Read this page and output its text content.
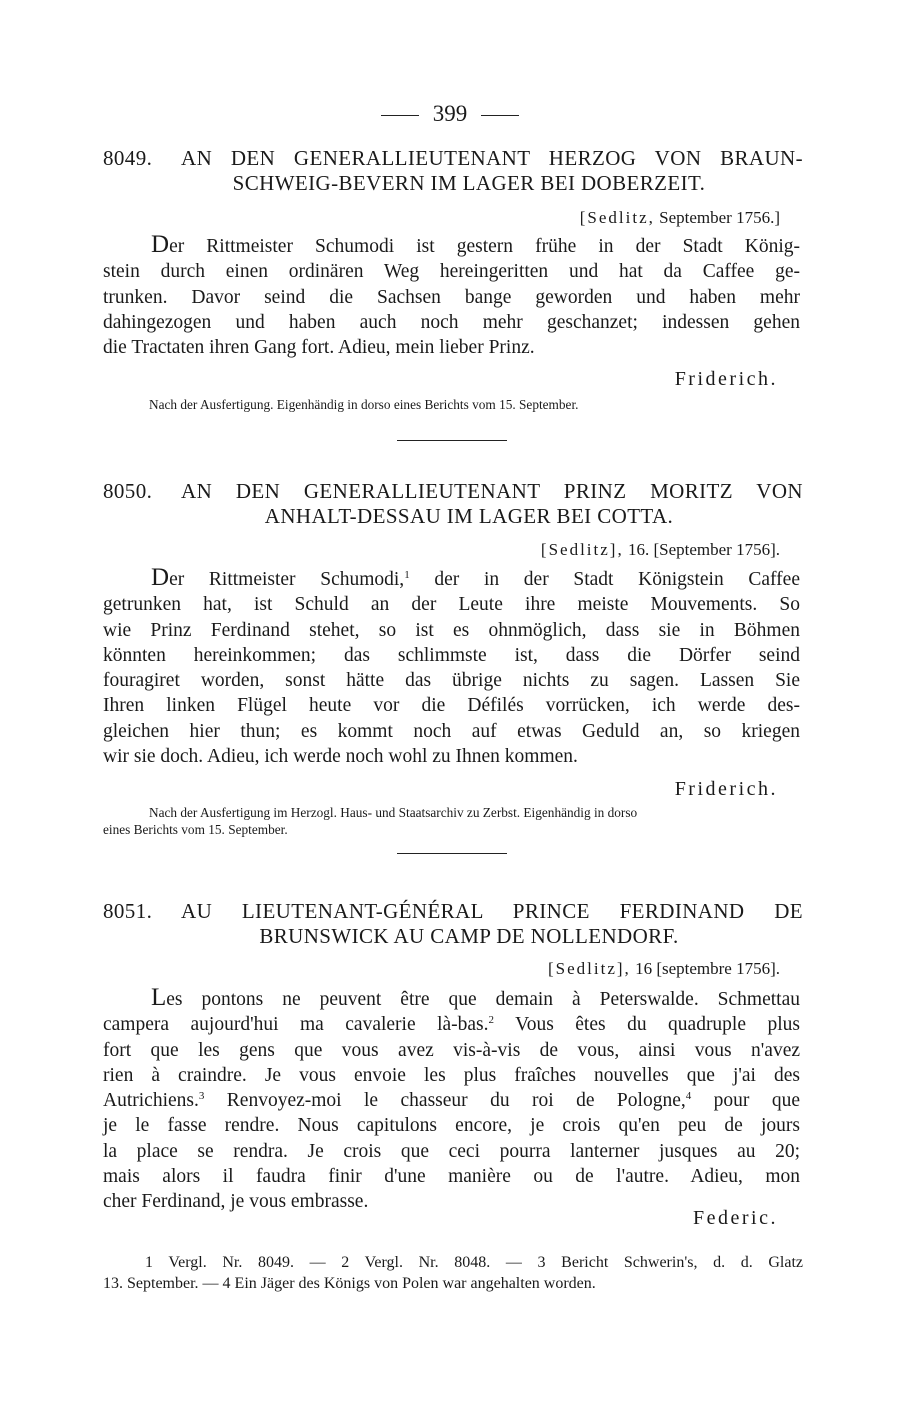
399
8049. AN DEN GENERALLIEUTENANT HERZOG VON BRAUN-
SCHWEIG-BEVERN IM LAGER BEI DOBERZEIT.
[Sedlitz, September 1756.]
Der Rittmeister Schumodi ist gestern frühe in der Stadt König-
stein durch einen ordinären Weg hereingeritten und hat da Caffee ge-
trunken. Davor seind die Sachsen bange geworden und haben mehr
dahingezogen und haben auch noch mehr geschanzet; indessen gehen
die Tractaten ihren Gang fort. Adieu, mein lieber Prinz.
Friderich.
Nach der Ausfertigung. Eigenhändig in dorso eines Berichts vom 15. September.
8050. AN DEN GENERALLIEUTENANT PRINZ MORITZ VON
ANHALT-DESSAU IM LAGER BEI COTTA.
[Sedlitz], 16. [September 1756].
Der Rittmeister Schumodi,$^1$ der in der Stadt Königstein Caffee
getrunken hat, ist Schuld an der Leute ihre meiste Mouvements. So
wie Prinz Ferdinand stehet, so ist es ohnmöglich, dass sie in Böhmen
könnten hereinkommen; das schlimmste ist, dass die Dörfer seind
fouragiret worden, sonst hätte das übrige nichts zu sagen. Lassen Sie
Ihren linken Flügel heute vor die Défilés vorrücken, ich werde des-
gleichen hier thun; es kommt noch auf etwas Geduld an, so kriegen
wir sie doch. Adieu, ich werde noch wohl zu Ihnen kommen.
Friderich.
Nach der Ausfertigung im Herzogl. Haus- und Staatsarchiv zu Zerbst. Eigenhändig in dorso
eines Berichts vom 15. September.
8051. AU LIEUTENANT-GÉNÉRAL PRINCE FERDINAND DE
BRUNSWICK AU CAMP DE NOLLENDORF.
[Sedlitz], 16 [septembre 1756].
Les pontons ne peuvent être que demain à Peterswalde. Schmettau
campera aujourd'hui ma cavalerie là-bas.$^2$ Vous êtes du quadruple plus
fort que les gens que vous avez vis-à-vis de vous, ainsi vous n'avez
rien à craindre. Je vous envoie les plus fraîches nouvelles que j'ai des
Autrichiens.$^3$ Renvoyez-moi le chasseur du roi de Pologne,$^4$ pour que
je le fasse rendre. Nous capitulons encore, je crois qu'en peu de jours
la place se rendra. Je crois que ceci pourra lanterner jusques au 20;
mais alors il faudra finir d'une manière ou de l'autre. Adieu, mon
cher Ferdinand, je vous embrasse.
Federic.
1 Vergl. Nr. 8049. — 2 Vergl. Nr. 8048. — 3 Bericht Schwerin's, d. d. Glatz
13. September. — 4 Ein Jäger des Königs von Polen war angehalten worden.
